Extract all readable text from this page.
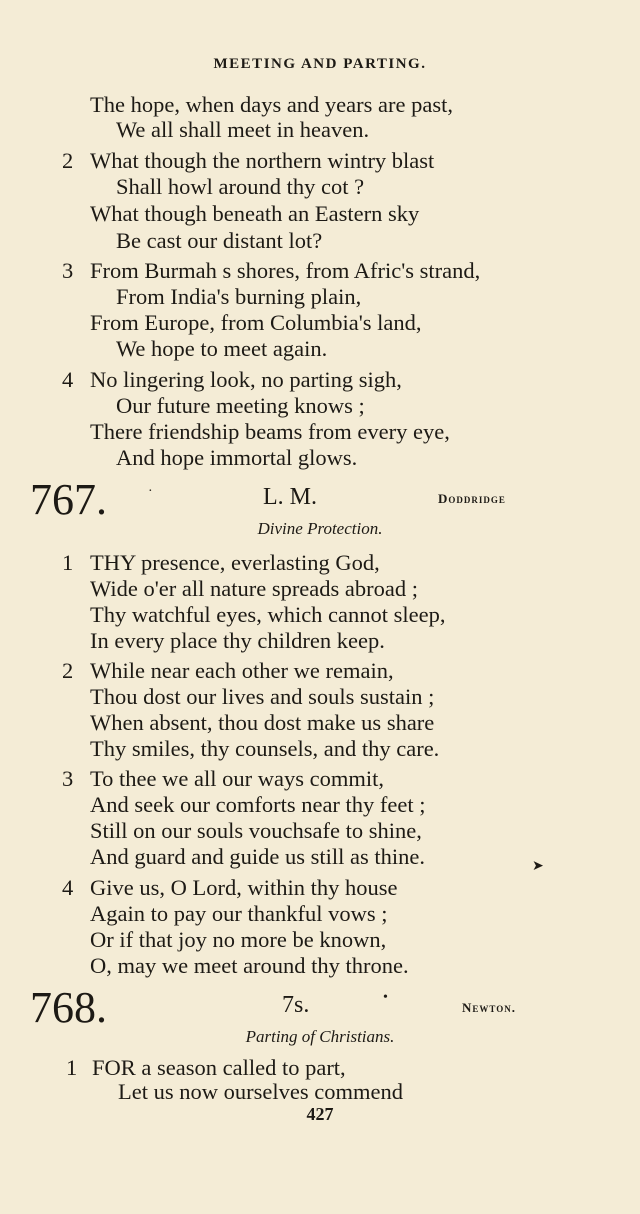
MEETING AND PARTING.
The hope, when days and years are past,
We all shall meet in heaven.
2 What though the northern wintry blast
Shall howl around thy cot ?
What though beneath an Eastern sky
Be cast our distant lot?
3 From Burmah s shores, from Afric's strand,
From India's burning plain,
From Europe, from Columbia's land,
We hope to meet again.
4 No lingering look, no parting sigh,
Our future meeting knows ;
There friendship beams from every eye,
And hope immortal glows.
767.	·	L. M.	Doddridge
Divine Protection.
1 THY presence, everlasting God,
Wide o'er all nature spreads abroad ;
Thy watchful eyes, which cannot sleep,
In every place thy children keep.
2 While near each other we remain,
Thou dost our lives and souls sustain ;
When absent, thou dost make us share
Thy smiles, thy counsels, and thy care.
3 To thee we all our ways commit,
And seek our comforts near thy feet ;
Still on our souls vouchsafe to shine,
And guard and guide us still as thine.	➤
4 Give us, O Lord, within thy house
Again to pay our thankful vows ;
Or if that joy no more be known,
O, may we meet around thy throne.
768.	7s.	•
Newton.
Parting of Christians.
1 FOR a season called to part,
Let us now ourselves commend
427
